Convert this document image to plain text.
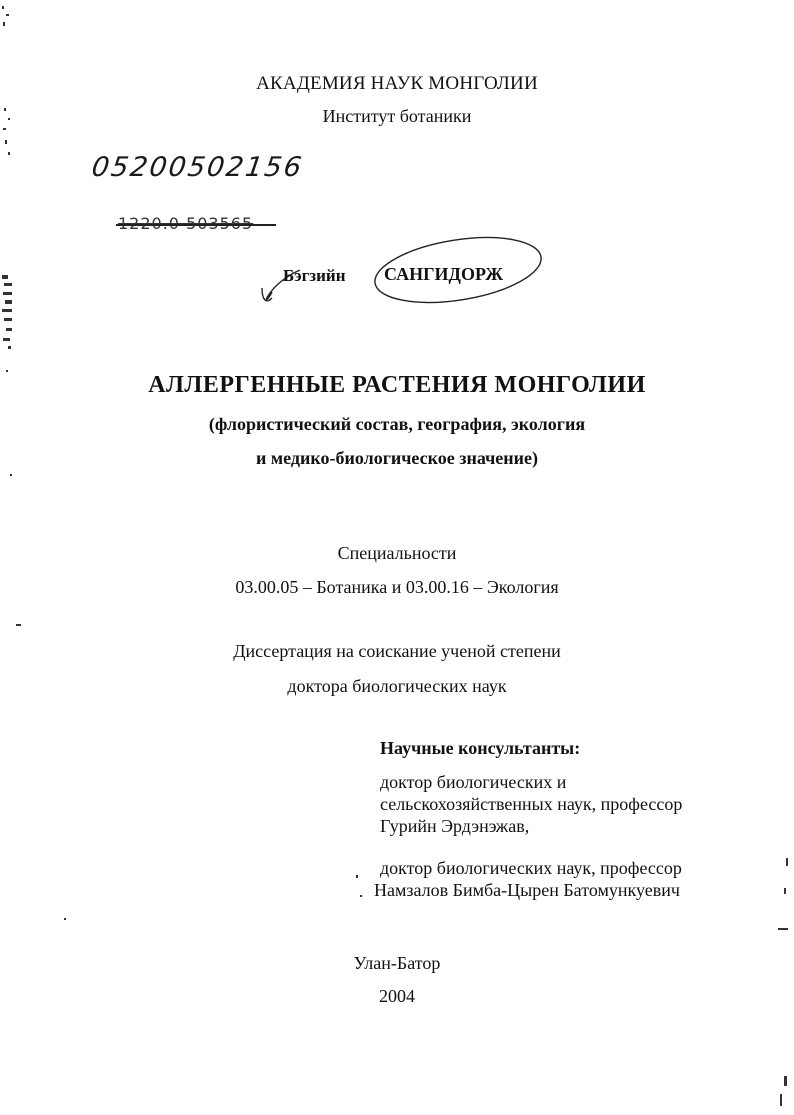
АКАДЕМИЯ НАУК МОНГОЛИИ
Институт ботаники
05200502156
Бэгзийн САНГИДОРЖ
АЛЛЕРГЕННЫЕ РАСТЕНИЯ МОНГОЛИИ
(флористический состав, география, экология
и медико-биологическое значение)
Специальности
03.00.05 – Ботаника и 03.00.16 – Экология
Диссертация на соискание ученой степени
доктора биологических наук
Научные консультанты:
доктор биологических и
сельскохозяйственных наук, профессор
Гурийн Эрдэнэжав,
доктор биологических наук, профессор
Намзалов Бимба-Цырен Батомункуевич
Улан-Батор
2004
